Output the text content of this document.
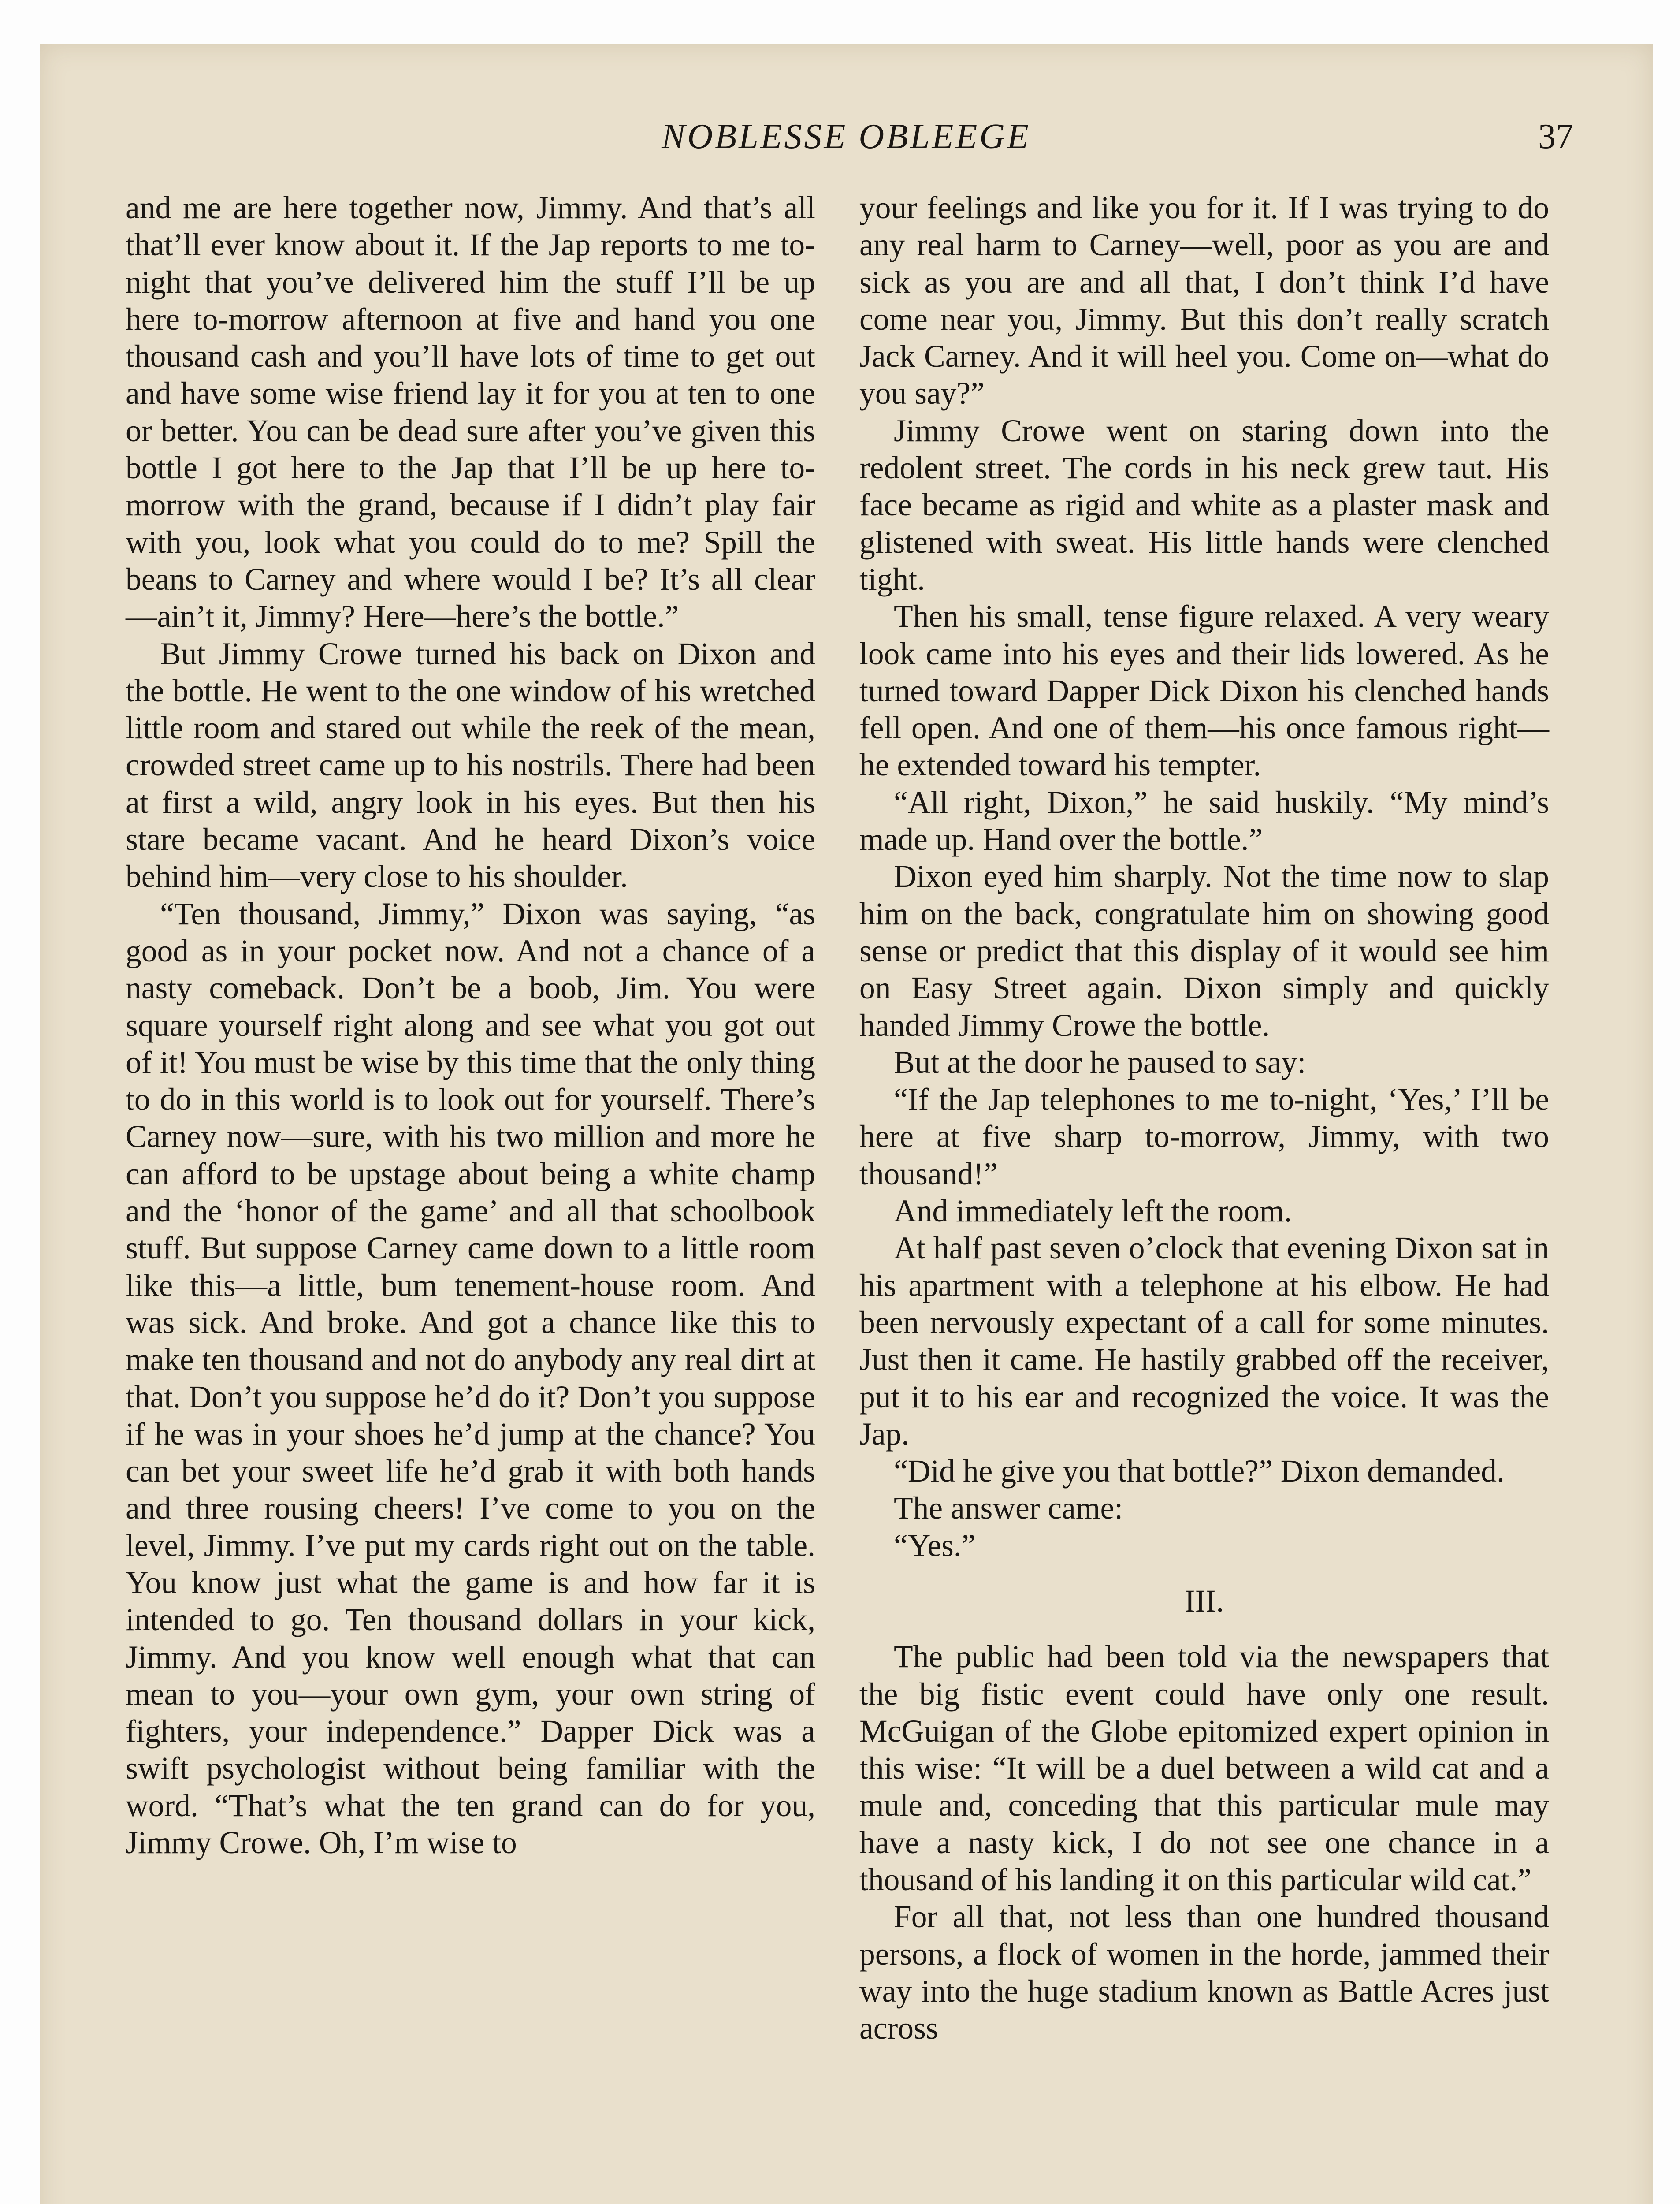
NOBLESSE OBLEEGE	37

and me are here together now, Jimmy. And that’s all that’ll ever know about it. If the Jap reports to me to-night that you’ve delivered him the stuff I’ll be up here to-morrow afternoon at five and hand you one thousand cash and you’ll have lots of time to get out and have some wise friend lay it for you at ten to one or better. You can be dead sure after you’ve given this bottle I got here to the Jap that I’ll be up here to-morrow with the grand, because if I didn’t play fair with you, look what you could do to me? Spill the beans to Carney and where would I be? It’s all clear —ain’t it, Jimmy? Here—here’s the bottle.”

But Jimmy Crowe turned his back on Dixon and the bottle. He went to the one window of his wretched little room and stared out while the reek of the mean, crowded street came up to his nostrils. There had been at first a wild, angry look in his eyes. But then his stare became vacant. And he heard Dixon’s voice behind him—very close to his shoulder.

“Ten thousand, Jimmy,” Dixon was saying, “as good as in your pocket now. And not a chance of a nasty comeback. Don’t be a boob, Jim. You were square yourself right along and see what you got out of it! You must be wise by this time that the only thing to do in this world is to look out for yourself. There’s Carney now—sure, with his two million and more he can afford to be upstage about being a white champ and the ‘honor of the game’ and all that schoolbook stuff. But suppose Carney came down to a little room like this—a little, bum tenement-house room. And was sick. And broke. And got a chance like this to make ten thousand and not do anybody any real dirt at that. Don’t you suppose he’d do it? Don’t you suppose if he was in your shoes he’d jump at the chance? You can bet your sweet life he’d grab it with both hands and three rousing cheers! I’ve come to you on the level, Jimmy. I’ve put my cards right out on the table. You know just what the game is and how far it is intended to go. Ten thousand dollars in your kick, Jimmy. And you know well enough what that can mean to you—your own gym, your own string of fighters, your independence.” Dapper Dick was a swift psychologist without being familiar with the word. “That’s what the ten grand can do for you, Jimmy Crowe. Oh, I’m wise to

your feelings and like you for it. If I was trying to do any real harm to Carney—well, poor as you are and sick as you are and all that, I don’t think I’d have come near you, Jimmy. But this don’t really scratch Jack Carney. And it will heel you. Come on—what do you say?”

Jimmy Crowe went on staring down into the redolent street. The cords in his neck grew taut. His face became as rigid and white as a plaster mask and glistened with sweat. His little hands were clenched tight.

Then his small, tense figure relaxed. A very weary look came into his eyes and their lids lowered. As he turned toward Dapper Dick Dixon his clenched hands fell open. And one of them—his once famous right—he extended toward his tempter.

“All right, Dixon,” he said huskily. “My mind’s made up. Hand over the bottle.”

Dixon eyed him sharply. Not the time now to slap him on the back, congratulate him on showing good sense or predict that this display of it would see him on Easy Street again. Dixon simply and quickly handed Jimmy Crowe the bottle.

But at the door he paused to say:

“If the Jap telephones to me to-night, ‘Yes,’ I’ll be here at five sharp to-morrow, Jimmy, with two thousand!”

And immediately left the room.

At half past seven o’clock that evening Dixon sat in his apartment with a telephone at his elbow. He had been nervously expectant of a call for some minutes. Just then it came. He hastily grabbed off the receiver, put it to his ear and recognized the voice. It was the Jap.

“Did he give you that bottle?” Dixon demanded.

The answer came:

“Yes.”

III.

The public had been told via the newspapers that the big fistic event could have only one result. McGuigan of the Globe epitomized expert opinion in this wise: “It will be a duel between a wild cat and a mule and, conceding that this particular mule may have a nasty kick, I do not see one chance in a thousand of his landing it on this particular wild cat.”

For all that, not less than one hundred thousand persons, a flock of women in the horde, jammed their way into the huge stadium known as Battle Acres just across
